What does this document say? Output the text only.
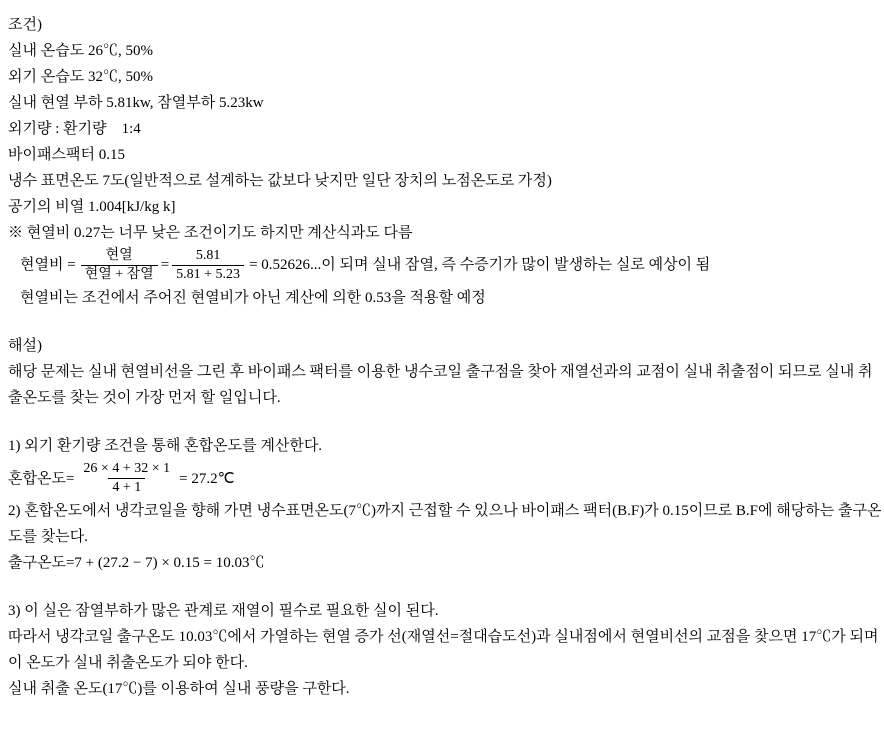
조건)
실내 온습도 26℃, 50%
외기 온습도 32℃, 50%
실내 현열 부하 5.81kw, 잠열부하 5.23kw
외기량 : 환기량    1:4
바이패스팩터 0.15
냉수 표면온도 7도(일반적으로 설계하는 값보다 낮지만 일단 장치의 노점온도로 가정)
공기의 비열 1.004[kJ/kg k]
※ 현열비 0.27는 너무 낮은 조건이기도 하지만 계산식과도 다름
현열비 = $\frac{\text{현열}}{\text{현열 + 잠열}} = \frac{5.81}{5.81 + 5.23} = 0.52626$...이 되며 실내 잠열, 즉 수증기가 많이 발생하는 실로 예상이 됨
현열비는 조건에서 주어진 현열비가 아닌 계산에 의한 0.53을 적용할 예정
해설)
해당 문제는 실내 현열비선을 그린 후 바이패스 팩터를 이용한 냉수코일 출구점을 찾아 재열선과의 교점이 실내 취출점이 되므로 실내 취출온도를 찾는 것이 가장 먼저 할 일입니다.
1) 외기 환기량 조건을 통해 혼합온도를 계산한다.
혼합온도= $\frac{26 \times 4 + 32 \times 1}{4 + 1}$ = 27.2℃
2) 혼합온도에서 냉각코일을 향해 가면 냉수표면온도(7℃)까지 근접할 수 있으나 바이패스 팩터(B.F)가 0.15이므로 B.F에 해당하는 출구온도를 찾는다.
출구온도=7 + (27.2 − 7) × 0.15 = 10.03℃
3) 이 실은 잠열부하가 많은 관계로 재열이 필수로 필요한 실이 된다.
따라서 냉각코일 출구온도 10.03℃에서 가열하는 현열 증가 선(재열선=절대습도선)과 실내점에서 현열비선의 교점을 찾으면 17℃가 되며 이 온도가 실내 취출온도가 되야 한다.
실내 취출 온도(17℃)를 이용하여 실내 풍량을 구한다.
